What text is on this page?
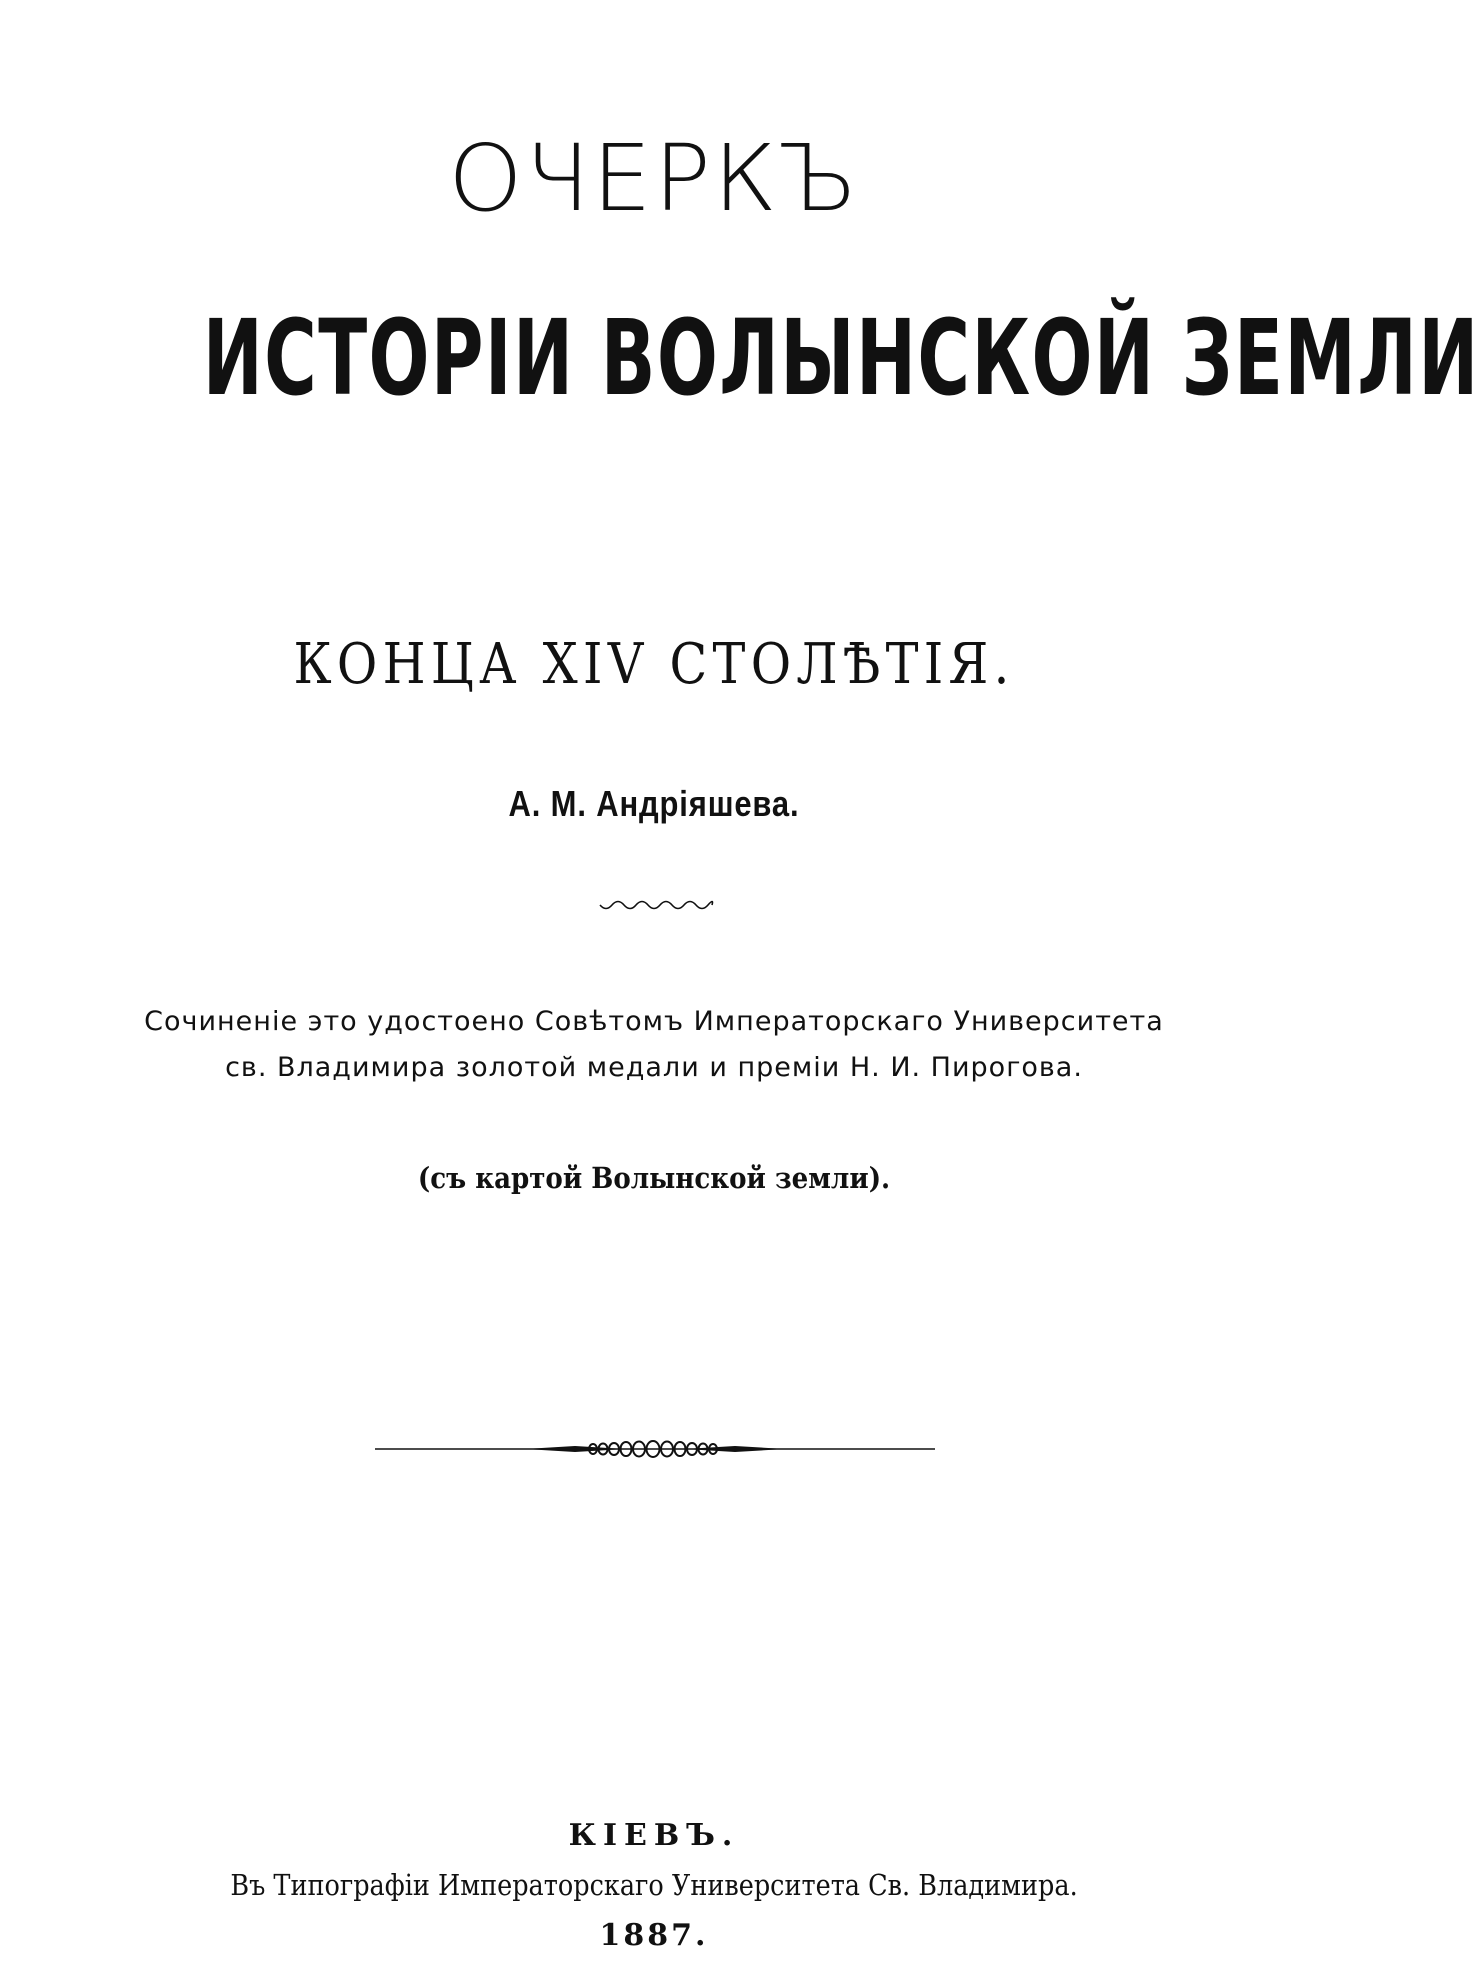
ОЧЕРКЪ
ИСТОРІИ ВОЛЫНСКОЙ ЗЕМЛИ
КОНЦА XIV СТОЛѢТІЯ.
А. М. Андріяшева.
Сочиненіе это удостоено Совѣтомъ Императорскаго Университета
св. Владимира золотой медали и преміи Н. И. Пирогова.
(съ картой Волынской земли).
КІЕВЪ.
Въ Типографіи Императорскаго Университета Св. Владимира.
1887.
